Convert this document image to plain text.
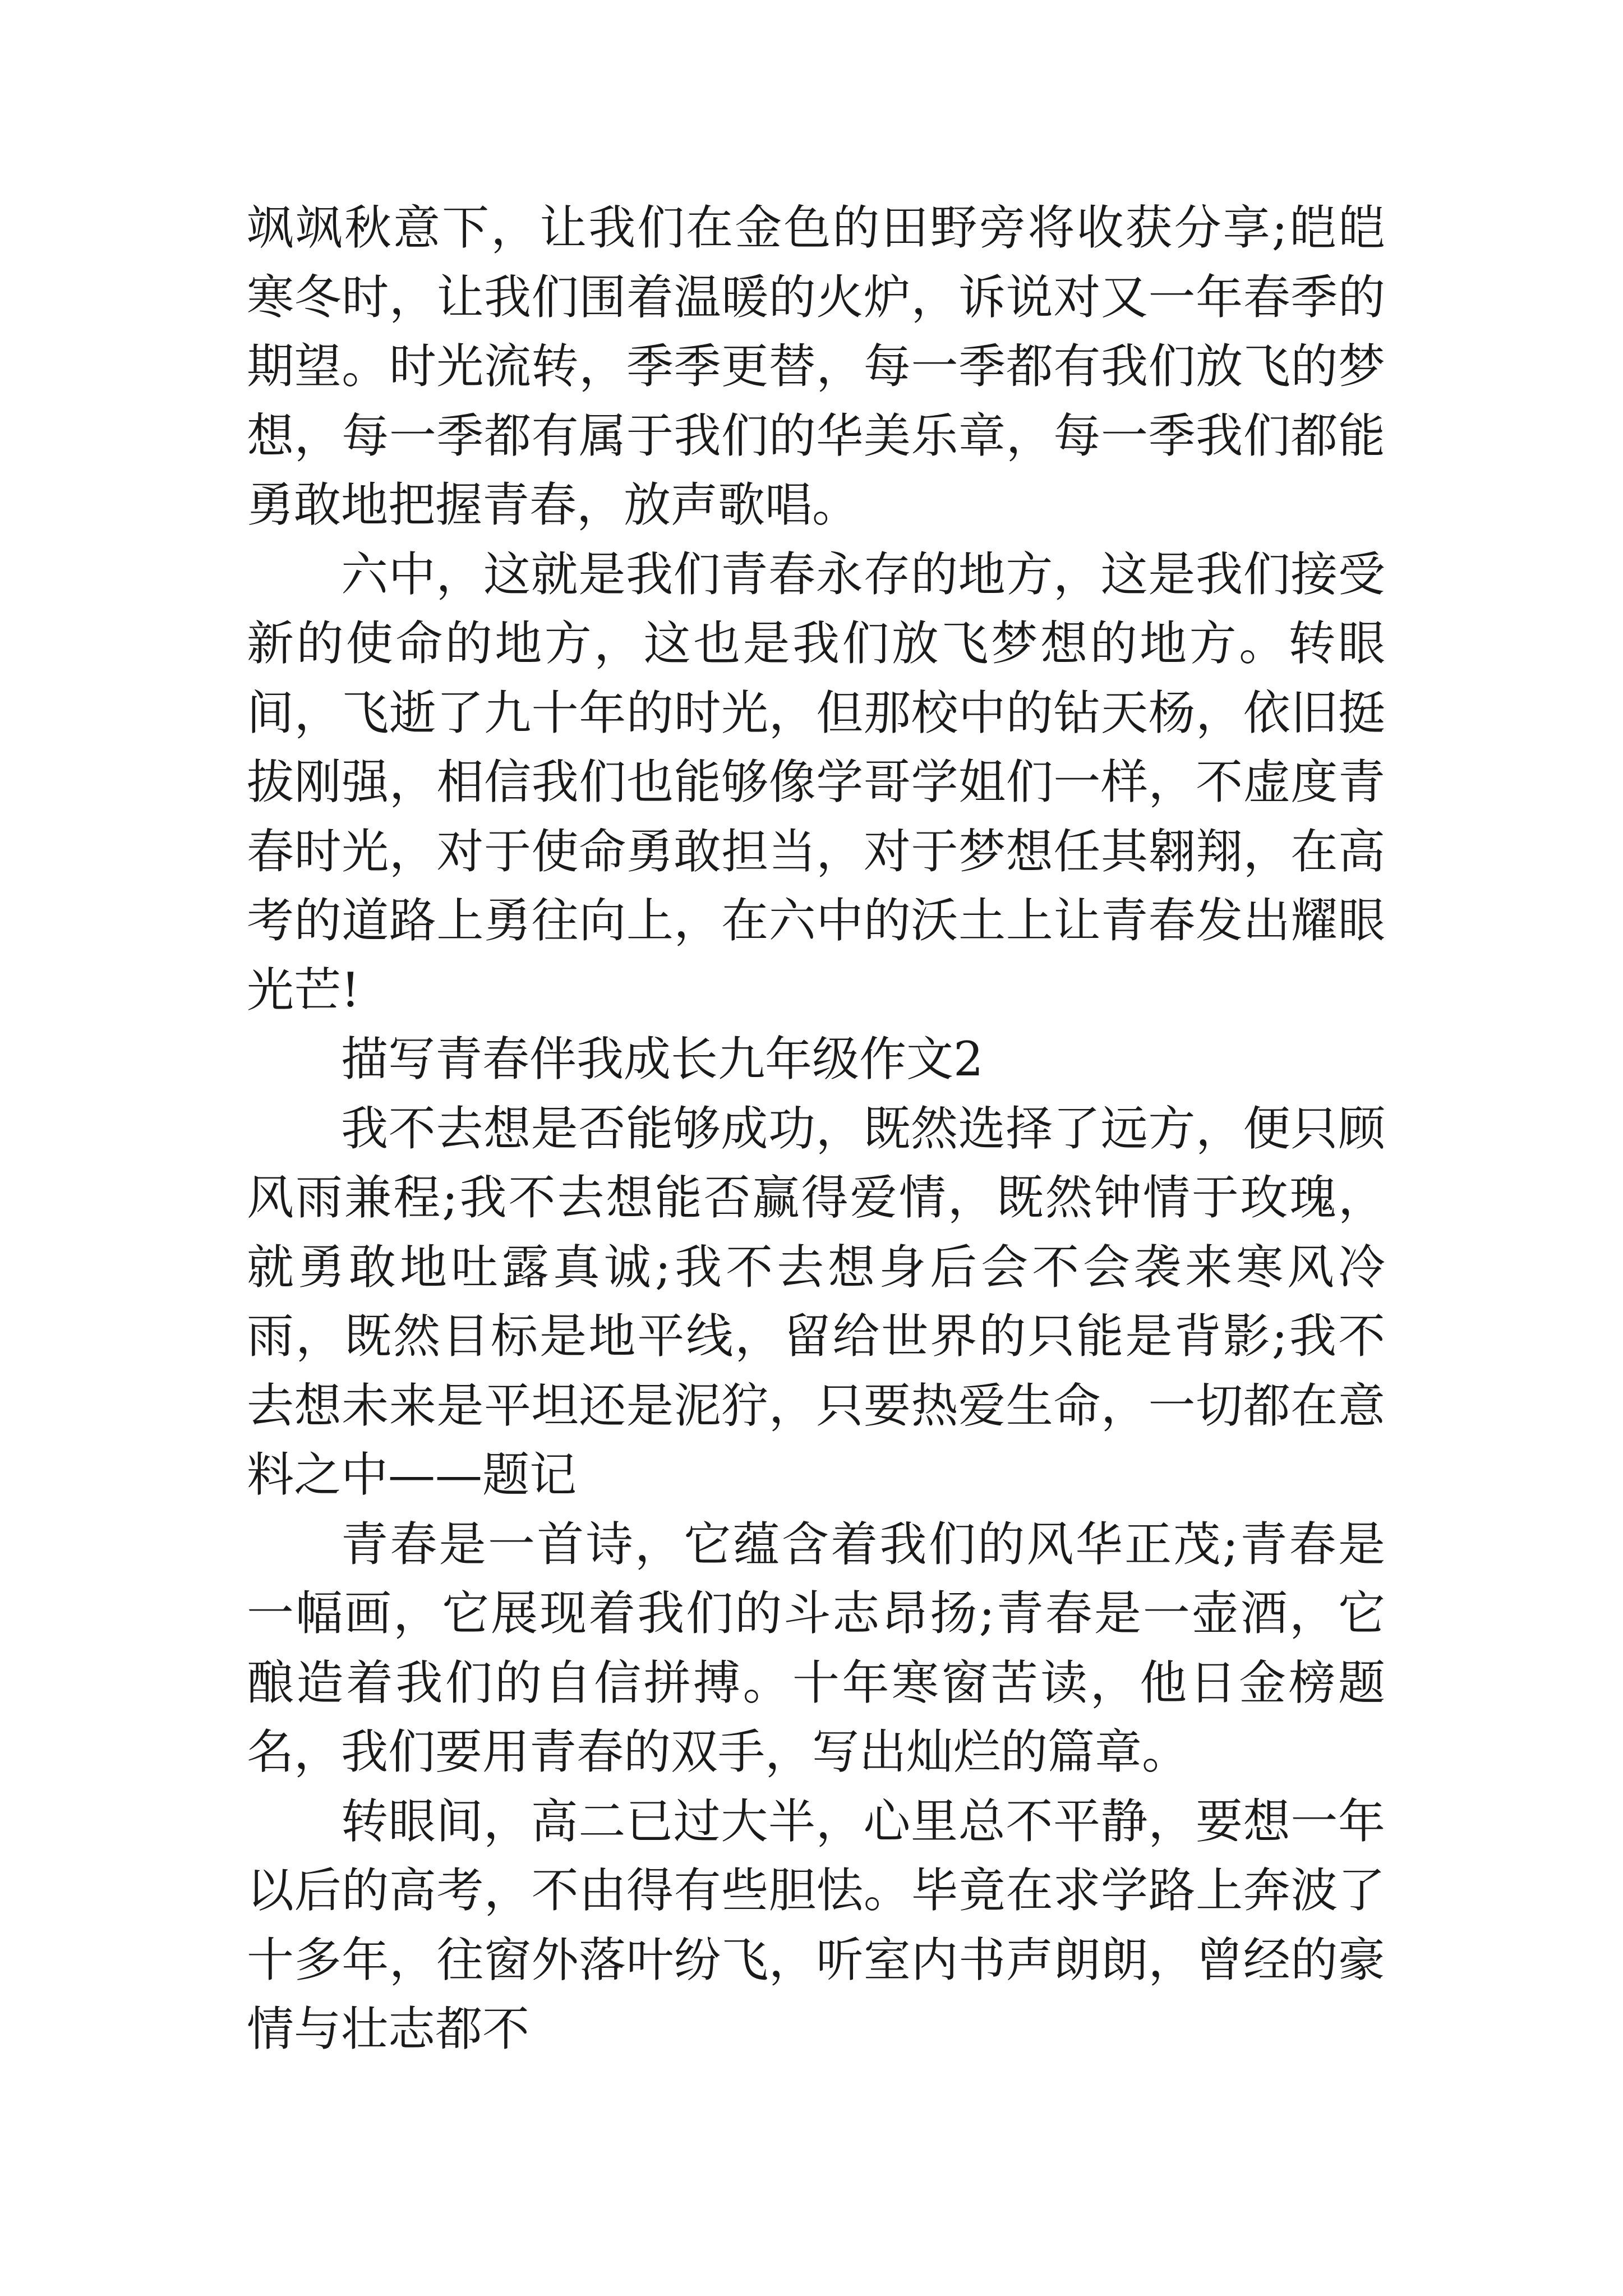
飒飒秋意下，让我们在金色的田野旁将收获分享;皑皑寒冬时，让我们围着温暖的火炉，诉说对又一年春季的期望。时光流转，季季更替，每一季都有我们放飞的梦想，每一季都有属于我们的华美乐章，每一季我们都能勇敢地把握青春，放声歌唱。

六中，这就是我们青春永存的地方，这是我们接受新的使命的地方，这也是我们放飞梦想的地方。转眼间，飞逝了九十年的时光，但那校中的钻天杨，依旧挺拔刚强，相信我们也能够像学哥学姐们一样，不虚度青春时光，对于使命勇敢担当，对于梦想任其翱翔，在高考的道路上勇往向上，在六中的沃土上让青春发出耀眼光芒!

描写青春伴我成长九年级作文2

我不去想是否能够成功，既然选择了远方，便只顾风雨兼程;我不去想能否赢得爱情，既然钟情于玫瑰，就勇敢地吐露真诚;我不去想身后会不会袭来寒风冷雨，既然目标是地平线，留给世界的只能是背影;我不去想未来是平坦还是泥狞，只要热爱生命，一切都在意料之中——题记

青春是一首诗，它蕴含着我们的风华正茂;青春是一幅画，它展现着我们的斗志昂扬;青春是一壶酒，它酿造着我们的自信拼搏。十年寒窗苦读，他日金榜题名，我们要用青春的双手，写出灿烂的篇章。

转眼间，高二已过大半，心里总不平静，要想一年以后的高考，不由得有些胆怯。毕竟在求学路上奔波了十多年，往窗外落叶纷飞，听室内书声朗朗，曾经的豪情与壮志都不
